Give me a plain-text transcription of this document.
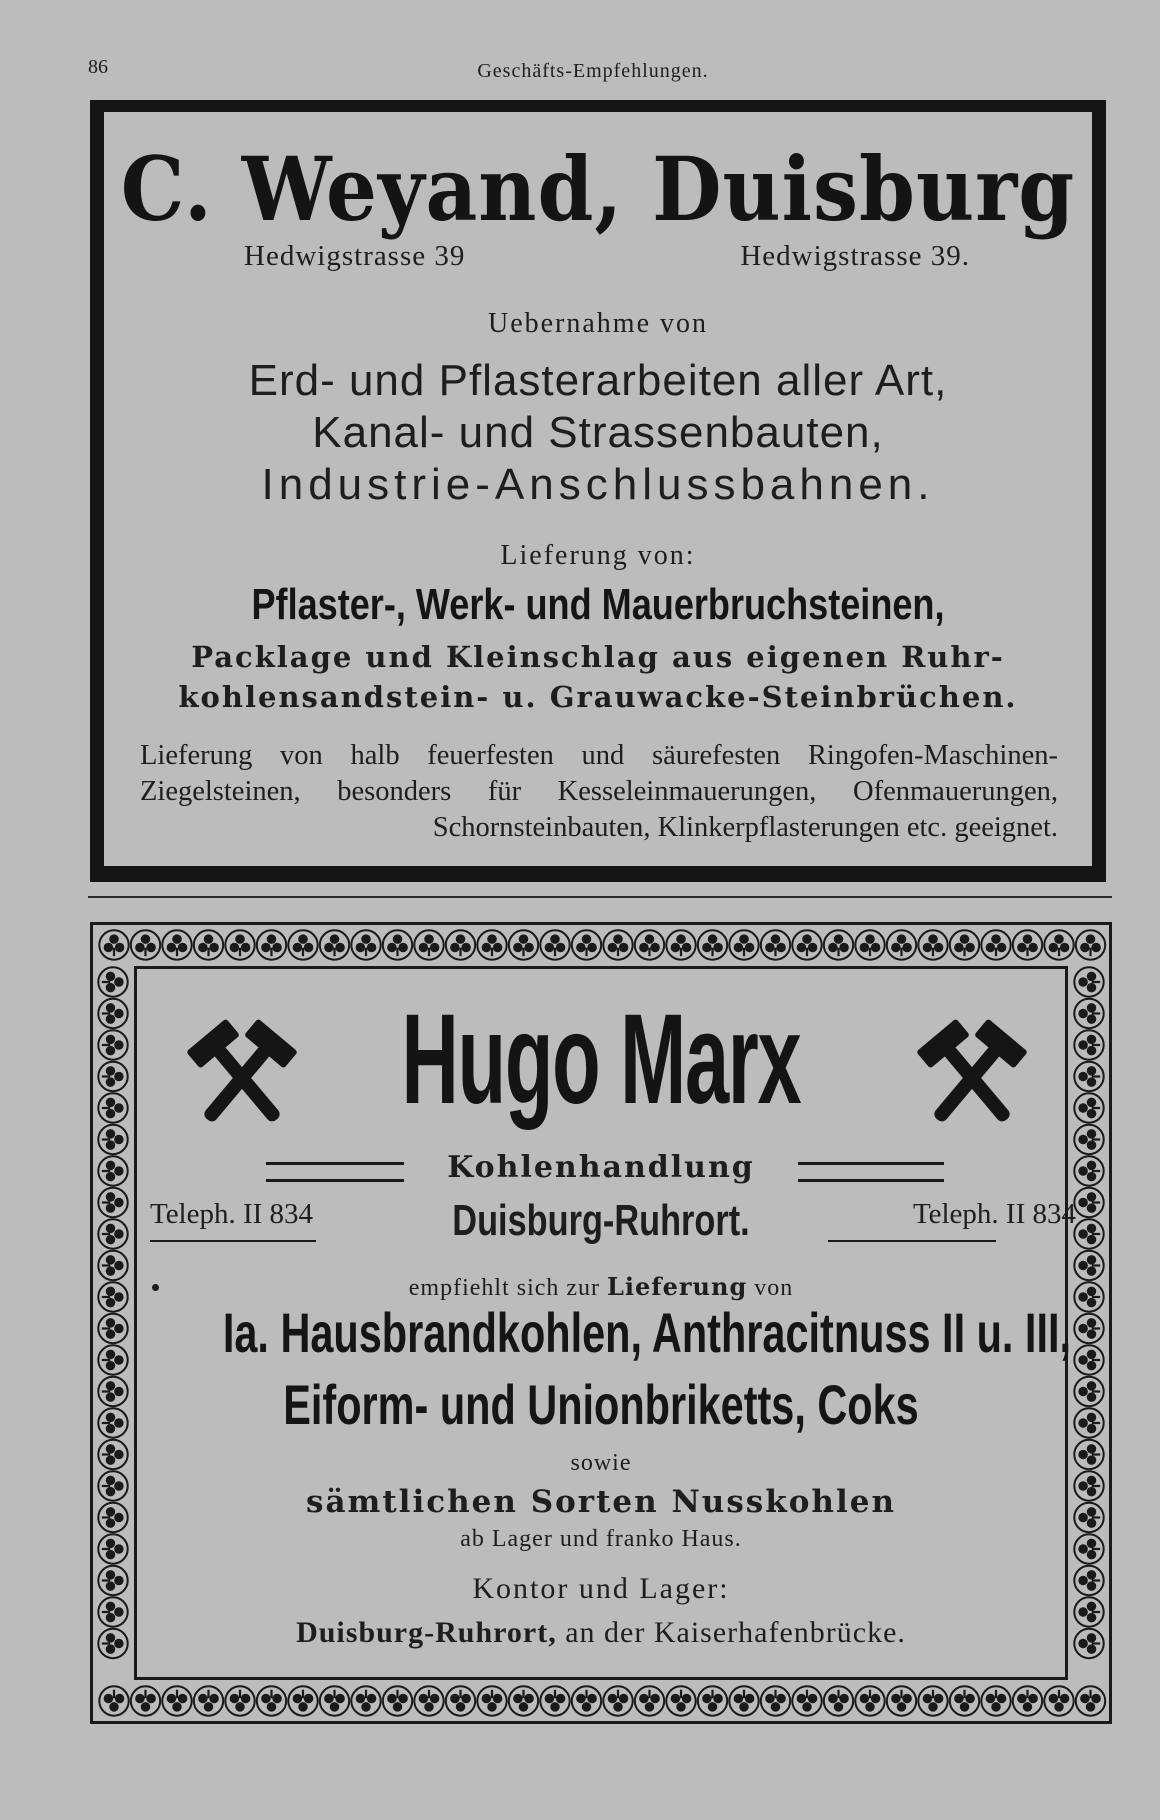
86	Geschäfts-Empfehlungen.
C. Weyand, Duisburg
Hedwigstrasse 39	Hedwigstrasse 39.
Uebernahme von
Erd- und Pflasterarbeiten aller Art,
Kanal- und Strassenbauten,
Industrie-Anschlussbahnen.
Lieferung von:
Pflaster-, Werk- und Mauerbruchsteinen,
Packlage und Kleinschlag aus eigenen Ruhr-
kohlensandstein- u. Grauwacke-Steinbrüchen.
Lieferung von halb feuerfesten und säurefesten Ringofen-Maschinen-Ziegelsteinen, besonders für Kesseleinmauerungen, Ofenmauerungen, Schornsteinbauten, Klinkerpflasterungen etc. geeignet.
Hugo Marx
Kohlenhandlung
Teleph. II 834	Teleph. II 834
Duisburg-Ruhrort.
empfiehlt sich zur Lieferung von
Ia. Hausbrandkohlen, Anthracitnuss II u. III,
Eiform- und Unionbriketts, Coks
sowie
sämtlichen Sorten Nusskohlen
ab Lager und franko Haus.
Kontor und Lager:
Duisburg-Ruhrort, an der Kaiserhafenbrücke.
